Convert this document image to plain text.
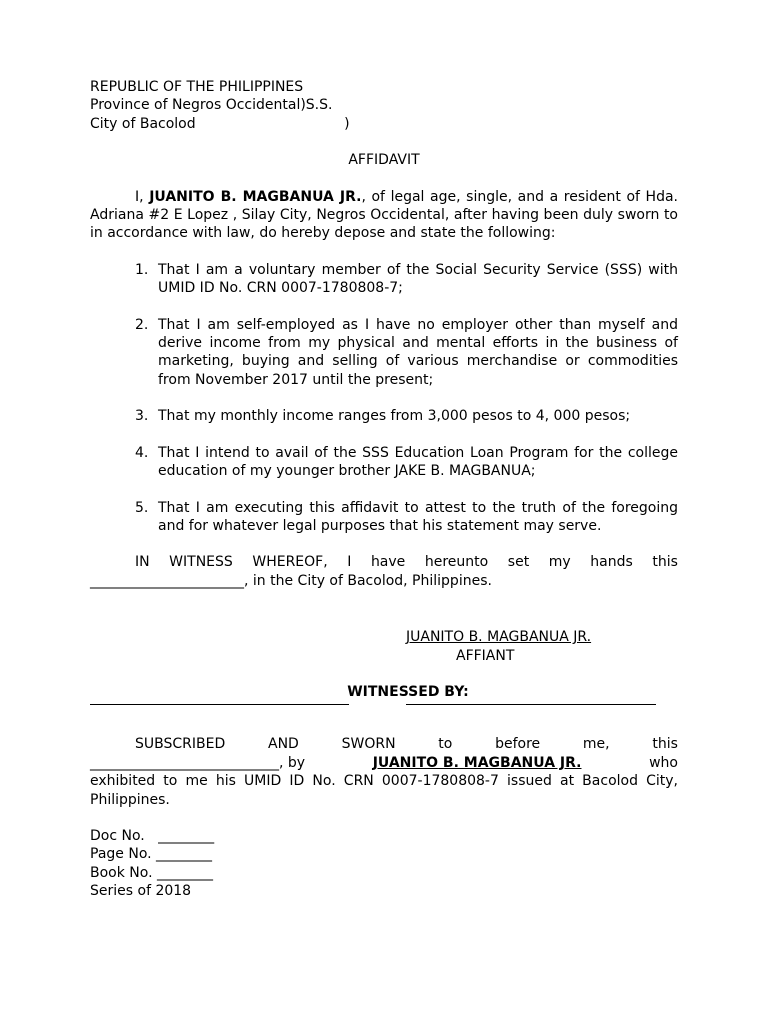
REPUBLIC OF THE PHILIPPINES
Province of Negros Occidental)S.S.
City of Bacolod	)
AFFIDAVIT
I, JUANITO B. MAGBANUA JR., of legal age, single, and a resident of Hda. Adriana #2 E Lopez , Silay City, Negros Occidental, after having been duly sworn to in accordance with law, do hereby depose and state the following:
1. That I am a voluntary member of the Social Security Service (SSS) with UMID ID No. CRN 0007-1780808-7;
2. That I am self-employed as I have no employer other than myself and derive income from my physical and mental efforts in the business of marketing, buying and selling of various merchandise or commodities from November 2017 until the present;
3. That my monthly income ranges from 3,000 pesos to 4, 000 pesos;
4. That I intend to avail of the SSS Education Loan Program for the college education of my younger brother JAKE B. MAGBANUA;
5. That I am executing this affidavit to attest to the truth of the foregoing and for whatever legal purposes that his statement may serve.
IN WITNESS WHEREOF, I have hereunto set my hands this
______________________, in the City of Bacolod, Philippines.
JUANITO B. MAGBANUA JR.
AFFIANT
WITNESSED BY:
SUBSCRIBED	AND	SWORN	to	before	me,	this
___________________________, by	JUANITO B. MAGBANUA JR.	who
exhibited to me his UMID ID No. CRN 0007-1780808-7 issued at Bacolod City, Philippines.
Doc No. ________
Page No. ________
Book No. ________
Series of 2018
